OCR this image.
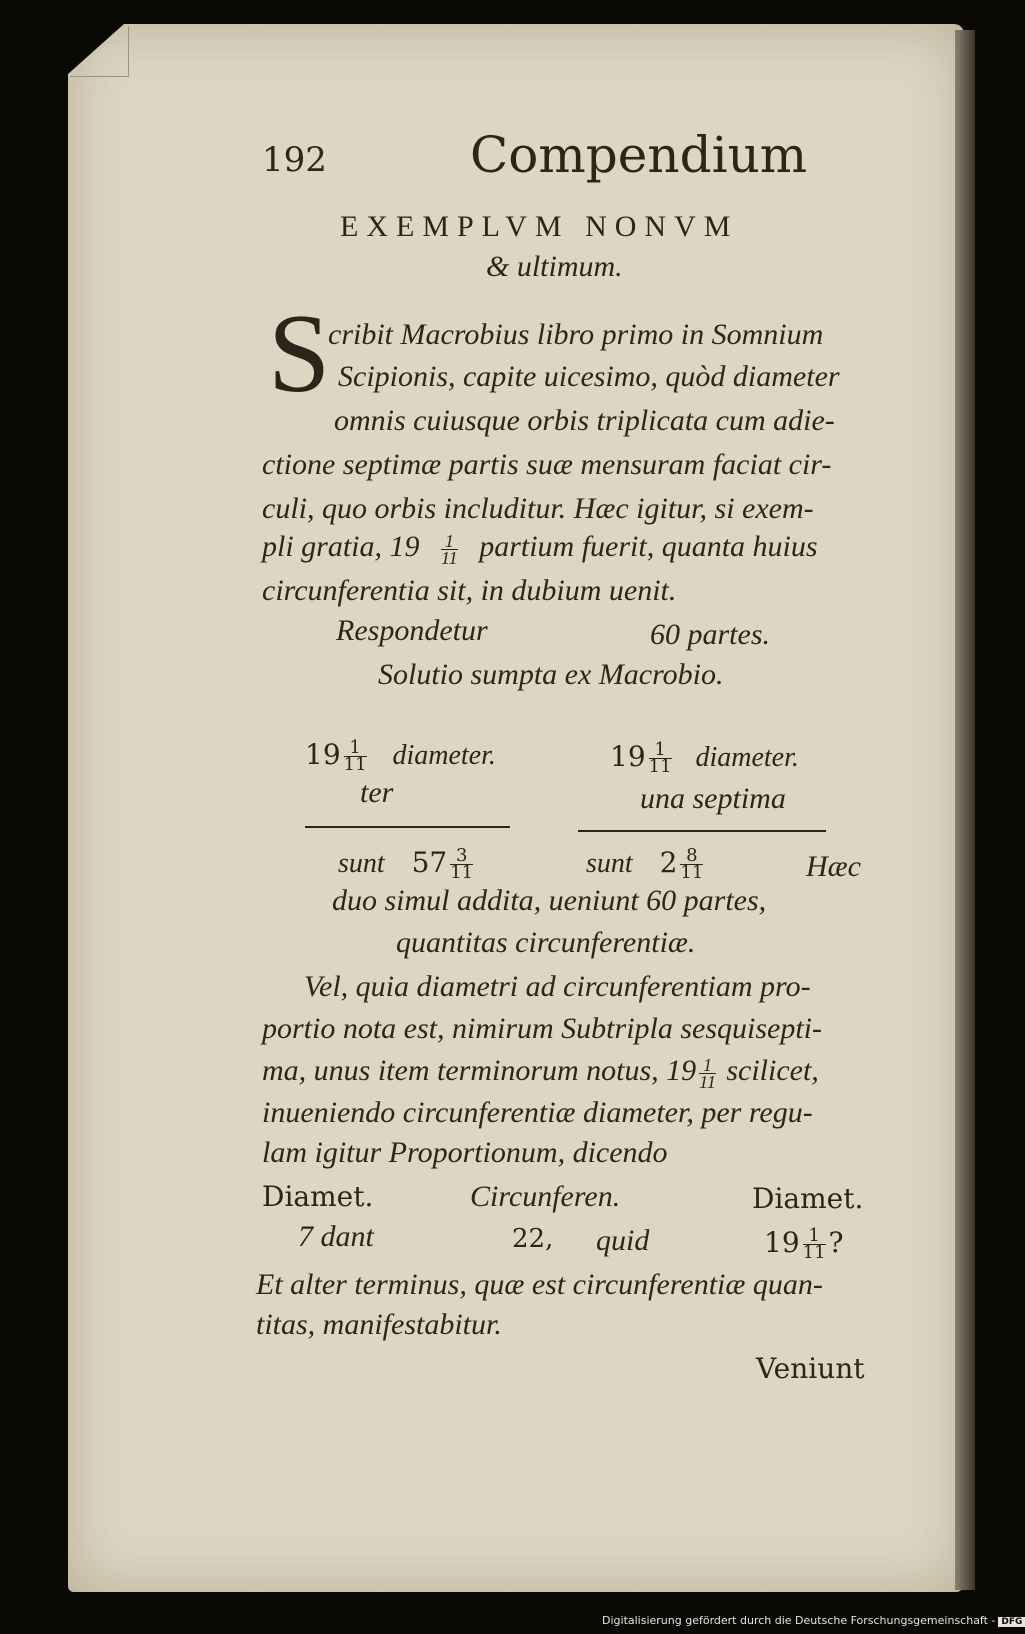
192	Compendium
EXEMPLVM NONVM
& ultimum.
S
cribit Macrobius libro primo in Somnium
Scipionis, capite uicesimo, quòd diameter
omnis cuiusque orbis triplicata cum adie-
ctione septimæ partis suæ mensuram faciat cir-
culi, quo orbis includitur. Hæc igitur, si exem-
pli gratia, $19 \frac{1}{11}$ partium fuerit, quanta huius
circunferentia sit, in dubium uenit.
Respondetur	60 partes.
Solutio sumpta ex Macrobio.
$19 \frac{1}{11}$ diameter.
ter
sunt $57 \frac{3}{11}$
$19 \frac{1}{11}$ diameter.
una septima
sunt $2 \frac{8}{11}$	Hæc
duo simul addita, ueniunt 60 partes,
quantitas circunferentiæ.
Vel, quia diametri ad circunferentiam pro-
portio nota est, nimirum Subtripla sesquisepti-
ma, unus item terminorum notus, $19 \frac{1}{11}$ scilicet,
inueniendo circunferentiæ diameter, per regu-
lam igitur Proportionum, dicendo
Diamet.	Circunferen.	Diamet.
7 dant	22, quid	$19 \frac{1}{11}$ ?
Et alter terminus, quæ est circunferentiæ quan-
titas, manifestabitur.
Veniunt
Digitalisierung gefördert durch die Deutsche Forschungsgemeinschaft - DFG
